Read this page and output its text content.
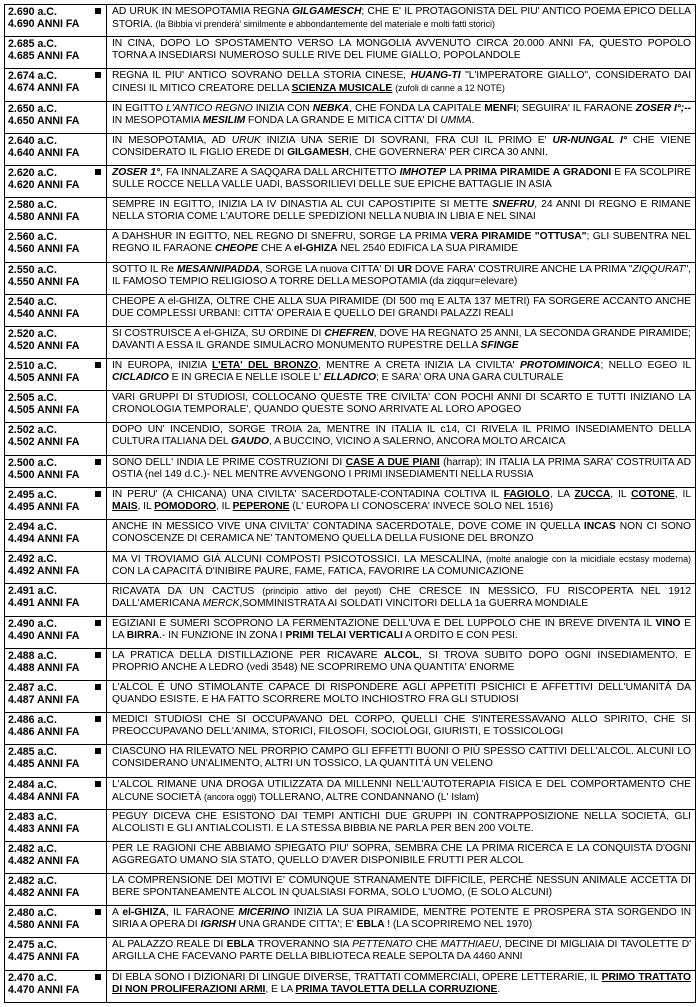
2.690 a.C.
4.690 ANNI FA
AD URUK IN MESOPOTAMIA REGNA GILGAMESCH; CHE E' IL PROTAGONISTA DEL PIU' ANTICO POEMA EPICO DELLA STORIA. (la Bibbia vi prenderà' similmente e abbondantemente del materiale e molti fatti storici)
2.685 a.C.
4.685 ANNI FA
IN CINA, DOPO LO SPOSTAMENTO VERSO LA MONGOLIA AVVENUTO CIRCA 20.000 ANNI FA, QUESTO POPOLO TORNA A INSEDIARSI NUMEROSO SULLE RIVE DEL FIUME GIALLO, POPOLANDOLE
2.674 a.C.
4.674 ANNI FA
REGNA IL PIU' ANTICO SOVRANO DELLA STORIA CINESE, HUANG-TI "L'IMPERATORE GIALLO", CONSIDERATO DAI CINESI IL MITICO CREATORE DELLA SCIENZA MUSICALE (zufoli di canne a 12 NOTE)
2.650 a.C.
4.650 ANNI FA
IN EGITTO L'ANTICO REGNO INIZIA CON NEBKA, CHE FONDA LA CAPITALE MENFI; SEGUIRA' IL FARAONE ZOSER I°;-- IN MESOPOTAMIA MESILIM FONDA LA GRANDE E MITICA CITTA' DI UMMA.
2.640 a.C.
4.640 ANNI FA
IN MESOPOTAMIA, AD URUK INIZIA UNA SERIE DI SOVRANI, FRA CUI IL PRIMO E' UR-NUNGAL I° CHE VIENE CONSIDERATO IL FIGLIO EREDE DI GILGAMESH, CHE GOVERNERA' PER CIRCA 30 ANNI.
2.620 a.C.
4.620 ANNI FA
ZOSER 1°, FA INNALZARE A SAQQARA DALL ARCHITETTO IMHOTEP LA PRIMA PIRAMIDE A GRADONI E FA SCOLPIRE SULLE ROCCE NELLA VALLE UADI, BASSORILIEVI DELLE SUE EPICHE BATTAGLIE IN ASIA
2.580 a.C.
4.580 ANNI FA
SEMPRE IN EGITTO, INIZIA LA IV DINASTIA AL CUI CAPOSTIPITE SI METTE SNEFRU, 24 ANNI DI REGNO E RIMANE NELLA STORIA COME L'AUTORE DELLE SPEDIZIONI NELLA NUBIA IN LIBIA E NEL SINAI
2.560 a.C.
4.560 ANNI FA
A DAHSHUR IN EGITTO, NEL REGNO DI SNEFRU, SORGE LA PRIMA VERA PIRAMIDE "OTTUSA"; GLI SUBENTRA NEL REGNO IL FARAONE CHEOPE CHE A el-GHIZA NEL 2540 EDIFICA LA SUA PIRAMIDE
2.550 a.C.
4.550 ANNI FA
SOTTO IL Re MESANNIPADDA, SORGE LA nuova CITTA' DI UR DOVE FARA' COSTRUIRE ANCHE LA PRIMA "ZIQQURAT", IL FAMOSO TEMPIO RELIGIOSO A TORRE DELLA MESOPOTAMIA (da ziqqur=elevare)
2.540 a.C.
4.540 ANNI FA
CHEOPE A el-GHIZA, OLTRE CHE ALLA SUA PIRAMIDE (DI 500 mq E ALTA 137 METRI) FA SORGERE ACCANTO ANCHE DUE COMPLESSI URBANI: CITTA' OPERAIA E QUELLO DEI GRANDI PALAZZI REALI
2.520 a.C.
4.520 ANNI FA
SI COSTRUISCE A el-GHIZA, SU ORDINE DI CHEFREN, DOVE HA REGNATO 25 ANNI, LA SECONDA GRANDE PIRAMIDE; DAVANTI A ESSA IL GRANDE SIMULACRO MONUMENTO RUPESTRE DELLA SFINGE
2.510 a.C.
4.505 ANNI FA
IN EUROPA, INIZIA L'ETA' DEL BRONZO, MENTRE A CRETA INIZIA LA CIVILTA' PROTOMINOICA; NELLO EGEO IL CICLADICO E IN GRECIA E NELLE ISOLE L' ELLADICO; E SARA' ORA UNA GARA CULTURALE
2.505 a.C.
4.505 ANNI FA
VARI GRUPPI DI STUDIOSI, COLLOCANO QUESTE TRE CIVILTA' CON POCHI ANNI DI SCARTO E TUTTI INIZIANO LA CRONOLOGIA TEMPORALE', QUANDO QUESTE SONO ARRIVATE AL LORO APOGEO
2.502 a.C.
4.502 ANNI FA
DOPO UN' INCENDIO, SORGE TROIA 2a, MENTRE IN ITALIA IL c14, CI RIVELA IL PRIMO INSEDIAMENTO DELLA CULTURA ITALIANA DEL GAUDO, A BUCCINO, VICINO A SALERNO, ANCORA MOLTO ARCAICA
2.500 a.C.
4.500 ANNI FA
SONO DELL' INDIA LE PRIME COSTRUZIONI DI CASE A DUE PIANI (harrap); IN ITALIA LA PRIMA SARA' COSTRUITA AD OSTIA (nel 149 d.C.)- NEL MENTRE AVVENGONO I PRIMI INSEDIAMENTI NELLA RUSSIA
2.495 a.C.
4.495 ANNI FA
IN PERU' (A CHICANA) UNA CIVILTA' SACERDOTALE-CONTADINA COLTIVA IL FAGIOLO, LA ZUCCA, IL COTONE, IL MAIS, IL POMODORO, IL PEPERONE (L' EUROPA LI CONOSCERA' INVECE SOLO NEL 1516)
2.494 a.C.
4.494 ANNI FA
ANCHE IN MESSICO VIVE UNA CIVILTA' CONTADINA SACERDOTALE, DOVE COME IN QUELLA INCAS NON CI SONO CONOSCENZE DI CERAMICA NE' TANTOMENO QUELLA DELLA FUSIONE DEL BRONZO
2.492 a.C.
4.492 ANNI FA
MA VI TROVIAMO GIÁ ALCUNI COMPOSTI PSICOTOSSICI. LA MESCALINA, (molte analogie con la micidiale ecstasy moderna) CON LA CAPACITÁ D'INIBIRE PAURE, FAME, FATICA, FAVORIRE LA COMUNICAZIONE
2.491 a.C.
4.491 ANNI FA
RICAVATA DA UN CACTUS (principio attivo del peyotl) CHE CRESCE IN MESSICO, FU RISCOPERTA NEL 1912 DALL'AMERICANA MERCK,SOMMINISTRATA AI SOLDATI VINCITORI DELLA 1a GUERRA MONDIALE
2.490 a.C.
4.490 ANNI FA
EGIZIANI E SUMERI SCOPRONO LA FERMENTAZIONE DELL'UVA E DEL LUPPOLO CHE IN BREVE DIVENTA IL VINO E LA BIRRA.- IN FUNZIONE IN ZONA I PRIMI TELAI VERTICALI A ORDITO E CON PESI.
2.488 a.C.
4.488 ANNI FA
LA PRATICA DELLA DISTILLAZIONE PER RICAVARE ALCOL, SI TROVA SUBITO DOPO OGNI INSEDIAMENTO. E PROPRIO ANCHE A LEDRO (vedi 3548) NE SCOPRIREMO UNA QUANTITA' ENORME
2.487 a.C.
4.487 ANNI FA
L'ALCOL É UNO STIMOLANTE CAPACE DI RISPONDERE AGLI APPETITI PSICHICI E AFFETTIVI DELL'UMANITÁ DA QUANDO ESISTE. E HA FATTO SCORRERE MOLTO INCHIOSTRO FRA GLI STUDIOSI
2.486 a.C.
4.486 ANNI FA
MEDICI STUDIOSI CHE SI OCCUPAVANO DEL CORPO, QUELLI CHE S'INTERESSAVANO ALLO SPIRITO, CHE SI PREOCCUPAVANO DELL'ANIMA, STORICI, FILOSOFI, SOCIOLOGI, GIURISTI, E TOSSICOLOGI
2.485 a.C.
4.485 ANNI FA
CIASCUNO HA RILEVATO NEL PRORPIO CAMPO GLI EFFETTI BUONI O PIÙ SPESSO CATTIVI DELL'ALCOL. ALCUNI LO CONSIDERANO UN'ALIMENTO, ALTRI UN TOSSICO, LA QUANTITÁ UN VELENO
2.484 a.C.
4.484 ANNI FA
L'ALCOL RIMANE UNA DROGA UTILIZZATA DA MILLENNI NELL'AUTOTERAPIA FISICA E DEL COMPORTAMENTO CHE ALCUNE SOCIETÁ (ancora oggi) TOLLERANO, ALTRE CONDANNANO (L' Islam)
2.483 a.C.
4.483 ANNI FA
PEGUY DICEVA CHE ESISTONO DAI TEMPI ANTICHI DUE GRUPPI IN CONTRAPPOSIZIONE NELLA SOCIETÁ, GLI ALCOLISTI E GLI ANTIALCOLISTI. E LA STESSA BIBBIA NE PARLA PER BEN 200 VOLTE.
2.482 a.C.
4.482 ANNI FA
PER LE RAGIONI CHE ABBIAMO SPIEGATO PIU' SOPRA, SEMBRA CHE LA PRIMA RICERCA E LA CONQUISTA D'OGNI AGGREGATO UMANO SIA STATO, QUELLO D'AVER DISPONIBILE FRUTTI PER ALCOL
2.482 a.C.
4.482 ANNI FA
LA COMPRENSIONE DEI MOTIVI E' COMUNQUE STRANAMENTE DIFFICILE, PERCHÉ NESSUN ANIMALE ACCETTA DI BERE SPONTANEAMENTE ALCOL IN QUALSIASI FORMA, SOLO L'UOMO, (E SOLO ALCUNI)
2.480 a.C.
4.580 ANNI FA
A el-GHIZA, IL FARAONE MICERINO INIZIA LA SUA PIRAMIDE, MENTRE POTENTE E PROSPERA STA SORGENDO IN SIRIA A OPERA DI IGRISH UNA GRANDE CITTA'; E' EBLA ! (LA SCOPRIREMO NEL 1970)
2.475 a.C.
4.475 ANNI FA
AL PALAZZO REALE DI EBLA TROVERANNO SIA PETTENATO CHE MATTHIAEU, DECINE DI MIGLIAIA DI TAVOLETTE D' ARGILLA CHE FACEVANO PARTE DELLA BIBLIOTECA REALE SEPOLTA DA 4460 ANNI
2.470 a.C.
4.470 ANNI FA
DI EBLA SONO I DIZIONARI DI LINGUE DIVERSE, TRATTATI COMMERCIALI, OPERE LETTERARIE, IL PRIMO TRATTATO DI NON PROLIFERAZIONI ARMI, E LA PRIMA TAVOLETTA DELLA CORRUZIONE.
